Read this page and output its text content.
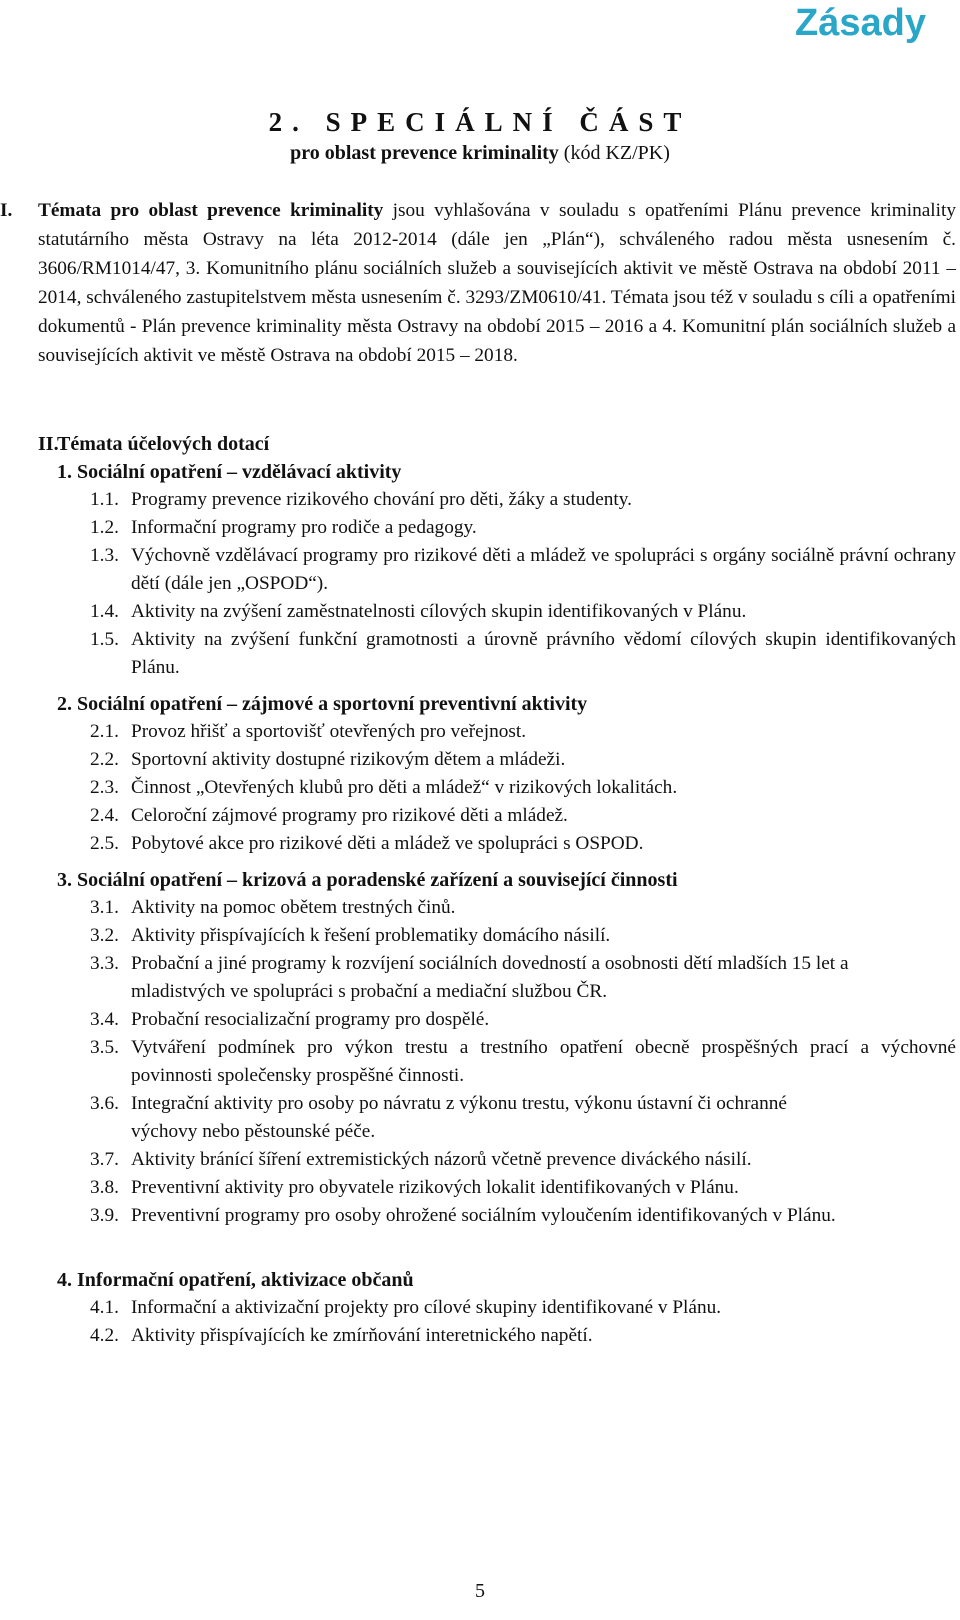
Zásady
2. SPECIÁLNÍ ČÁST
pro oblast prevence kriminality (kód KZ/PK)
I. Témata pro oblast prevence kriminality jsou vyhlašována v souladu s opatřeními Plánu prevence kriminality statutárního města Ostravy na léta 2012-2014 (dále jen „Plán“), schváleného radou města usnesením č. 3606/RM1014/47, 3. Komunitního plánu sociálních služeb a souvisejících aktivit ve městě Ostrava na období 2011 – 2014, schváleného zastupitelstvem města usnesením č. 3293/ZM0610/41. Témata jsou též v souladu s cíli a opatřeními dokumentů - Plán prevence kriminality města Ostravy na období 2015 – 2016 a 4. Komunitní plán sociálních služeb a souvisejících aktivit ve městě Ostrava na období 2015 – 2018.
II.
Témata účelových dotací
1. Sociální opatření – vzdělávací aktivity
1.1. Programy prevence rizikového chování pro děti, žáky a studenty.
1.2. Informační programy pro rodiče a pedagogy.
1.3. Výchovně vzdělávací programy pro rizikové děti a mládež ve spolupráci s orgány sociálně právní ochrany dětí (dále jen „OSPOD“).
1.4. Aktivity na zvýšení zaměstnatelnosti cílových skupin identifikovaných v Plánu.
1.5. Aktivity na zvýšení funkční gramotnosti a úrovně právního vědomí cílových skupin identifikovaných Plánu.
2. Sociální opatření – zájmové a sportovní preventivní aktivity
2.1. Provoz hřišť a sportovišť otevřených pro veřejnost.
2.2. Sportovní aktivity dostupné rizikovým dětem a mládeži.
2.3. Činnost „Otevřených klubů pro děti a mládež“ v rizikových lokalitách.
2.4. Celoroční zájmové programy pro rizikové děti a mládež.
2.5. Pobytové akce pro rizikové děti a mládež ve spolupráci s OSPOD.
3. Sociální opatření – krizová a poradenské zařízení a související činnosti
3.1. Aktivity na pomoc obětem trestných činů.
3.2. Aktivity přispívajících k řešení problematiky domácího násilí.
3.3. Probační a jiné programy k rozvíjení sociálních dovedností a osobnosti dětí mladších 15 let a mladistvých ve spolupráci s probační a mediační službou ČR.
3.4. Probační resocializační programy pro dospělé.
3.5. Vytváření podmínek pro výkon trestu a trestního opatření obecně prospěšných prací a výchovné povinnosti společensky prospěšné činnosti.
3.6. Integrační aktivity pro osoby po návratu z výkonu trestu, výkonu ústavní či ochranné výchovy nebo pěstounské péče.
3.7. Aktivity bránící šíření extremistických názorů včetně prevence diváckého násilí.
3.8. Preventivní aktivity pro obyvatele rizikových lokalit identifikovaných v Plánu.
3.9. Preventivní programy pro osoby ohrožené sociálním vyloučením identifikovaných v Plánu.
4. Informační opatření, aktivizace občanů
4.1. Informační a aktivizační projekty pro cílové skupiny identifikované v Plánu.
4.2. Aktivity přispívajících ke zmírňování interetnického napětí.
5
